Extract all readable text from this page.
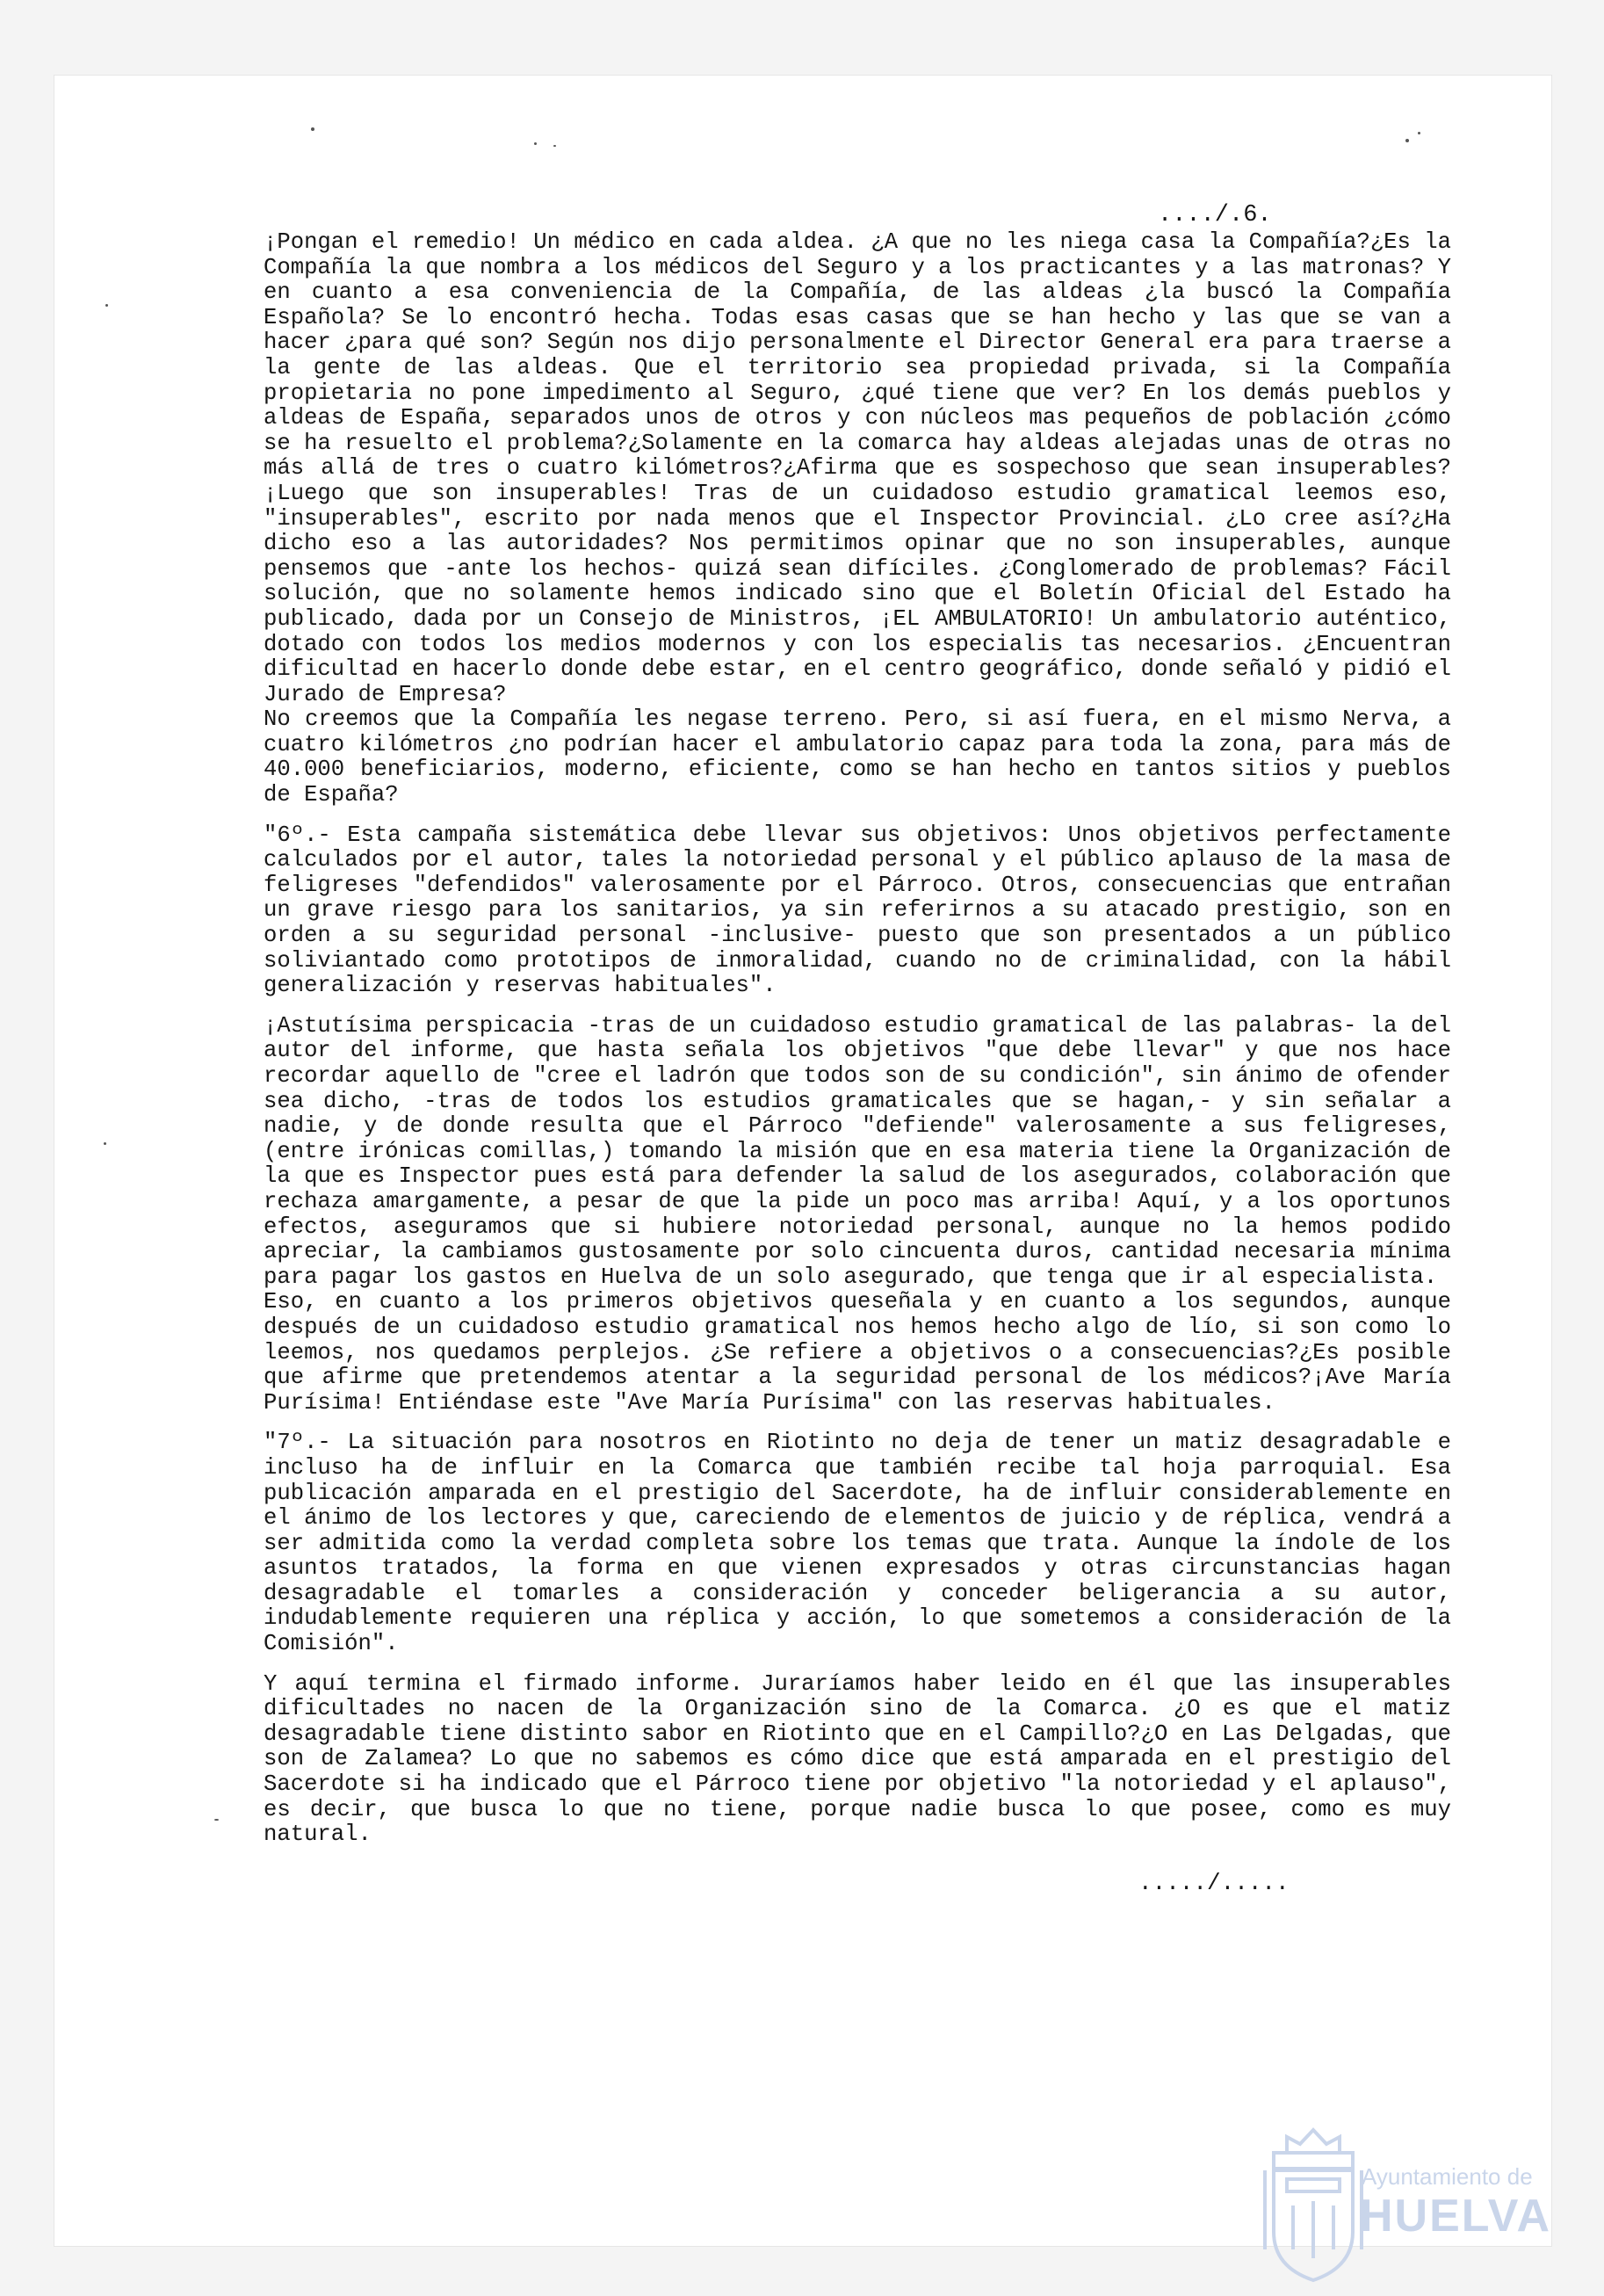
..../.6.

¡Pongan el remedio! Un médico en cada aldea. ¿A que no les niega casa la Compañía?¿Es la Compañía la que nombra a los médicos del Seguro y a los practicantes y a las matronas? Y en cuanto a esa conveniencia de la Compañía, de las aldeas ¿la buscó la Compañía Española? Se lo encontró hecha. Todas esas casas que se han hecho y las que se van a hacer ¿para qué son? Según nos dijo personalmente el Director General era para traerse a la gente de las aldeas. Que el territorio sea propiedad privada, si la Compañía propietaria no pone impedimento al Seguro, ¿qué tiene que ver? En los demás pueblos y aldeas de España, separados unos de otros y con núcleos mas pequeños de población ¿cómo se ha resuelto el problema?¿Solamente en la comarca hay aldeas alejadas unas de otras no más allá de tres o cuatro kilómetros?¿Afirma que es sospechoso que sean insuperables?¡Luego que son insuperables! Tras de un cuidadoso estudio gramatical leemos eso, "insuperables", escrito por nada menos que el Inspector Provincial. ¿Lo cree así?¿Ha dicho eso a las autoridades? Nos permitimos opinar que no son insuperables, aunque pensemos que -ante los hechos- quizá sean difíciles. ¿Conglomerado de problemas? Fácil solución, que no solamente hemos indicado sino que el Boletín Oficial del Estado ha publicado, dada por un Consejo de Ministros, ¡EL AMBULATORIO! Un ambulatorio auténtico, dotado con todos los medios modernos y con los especialis tas necesarios. ¿Encuentran dificultad en hacerlo donde debe estar, en el centro geográfico, donde señaló y pidió el Jurado de Empresa?

No creemos que la Compañía les negase terreno. Pero, si así fuera, en el mismo Nerva, a cuatro kilómetros ¿no podrían hacer el ambulatorio capaz para toda la zona, para más de 40.000 beneficiarios, moderno, eficiente, como se han hecho en tantos sitios y pueblos de España?

"6º.- Esta campaña sistemática debe llevar sus objetivos: Unos objetivos perfectamente calculados por el autor, tales la notoriedad personal y el público aplauso de la masa de feligreses "defendidos" valerosamente por el Párroco. Otros, consecuencias que entrañan un grave riesgo para los sanitarios, ya sin referirnos a su atacado prestigio, son en orden a su seguridad personal -inclusive- puesto que son presentados a un público soliviantado como prototipos de inmoralidad, cuando no de criminalidad, con la hábil generalización y reservas habituales".

¡Astutísima perspicacia -tras de un cuidadoso estudio gramatical de las palabras- la del autor del informe, que hasta señala los objetivos "que debe llevar" y que nos hace recordar aquello de "cree el ladrón que todos son de su condición", sin ánimo de ofender sea dicho, -tras de todos los estudios gramaticales que se hagan,- y sin señalar a nadie, y de donde resulta que el Párroco "defiende" valerosamente a sus feligreses, (entre irónicas comillas,) tomando la misión que en esa materia tiene la Organización de la que es Inspector pues está para defender la salud de los asegurados, colaboración que rechaza amargamente, a pesar de que la pide un poco mas arriba! Aquí, y a los oportunos efectos, aseguramos que si hubiere notoriedad personal, aunque no la hemos podido apreciar, la cambiamos gustosamente por solo cincuenta duros, cantidad necesaria mínima para pagar los gastos en Huelva de un solo asegurado, que tenga que ir al especialista.

Eso, en cuanto a los primeros objetivos queseñala y en cuanto a los segundos, aunque después de un cuidadoso estudio gramatical nos hemos hecho algo de lío, si son como lo leemos, nos quedamos perplejos. ¿Se refiere a objetivos o a consecuencias?¿Es posible que afirme que pretendemos atentar a la seguridad personal de los médicos?¡Ave María Purísima! Entiéndase este "Ave María Purísima" con las reservas habituales.

"7º.- La situación para nosotros en Riotinto no deja de tener un matiz desagradable e incluso ha de influir en la Comarca que también recibe tal hoja parroquial. Esa publicación amparada en el prestigio del Sacerdote, ha de influir considerablemente en el ánimo de los lectores y que, careciendo de elementos de juicio y de réplica, vendrá a ser admitida como la verdad completa sobre los temas que trata. Aunque la índole de los asuntos tratados, la forma en que vienen expresados y otras circunstancias hagan desagradable el tomarles a consideración y conceder beligerancia a su autor, indudablemente requieren una réplica y acción, lo que sometemos a consideración de la Comisión".

Y aquí termina el firmado informe. Juraríamos haber leido en él que las insuperables dificultades no nacen de la Organización sino de la Comarca. ¿O es que el matiz desagradable tiene distinto sabor en Riotinto que en el Campillo?¿O en Las Delgadas, que son de Zalamea? Lo que no sabemos es cómo dice que está amparada en el prestigio del Sacerdote si ha indicado que el Párroco tiene por objetivo "la notoriedad y el aplauso", es decir, que busca lo que no tiene, porque nadie busca lo que posee, como es muy natural.

...../.....
Ayuntamiento de
HUELVA
